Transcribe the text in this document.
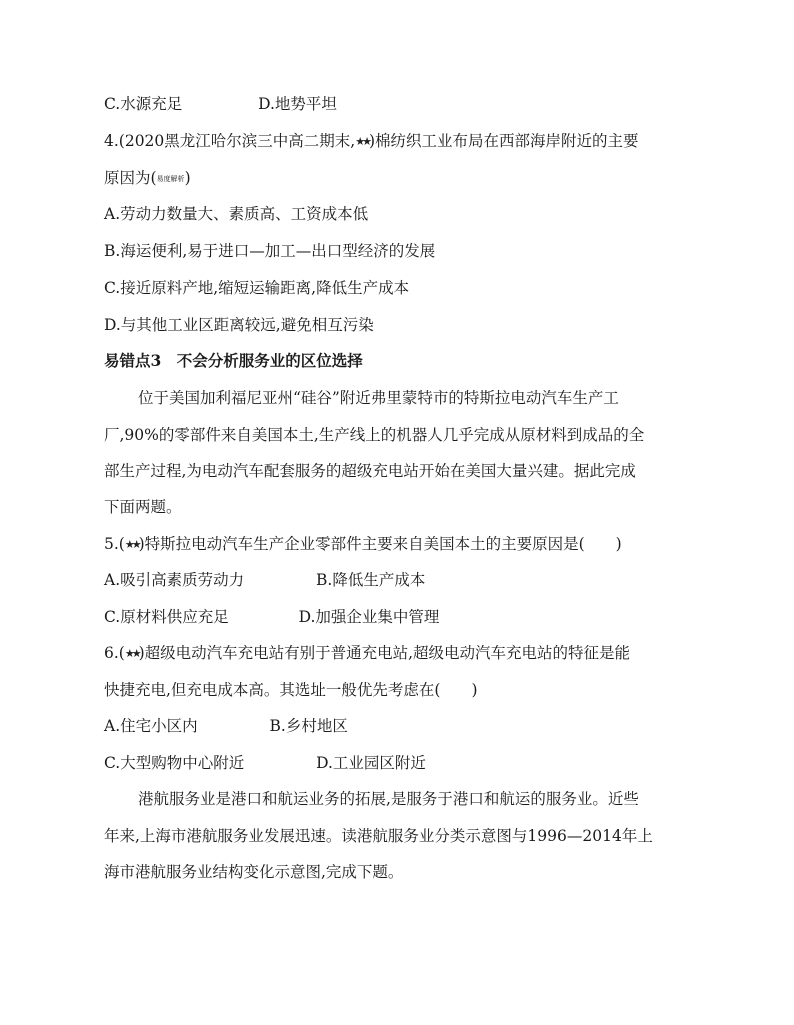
C.水源充足	D.地势平坦
4.(2020黑龙江哈尔滨三中高二期末,★★)棉纺织工业布局在西部海岸附近的主要
原因为(易度解析)
A.劳动力数量大、素质高、工资成本低
B.海运便利,易于进口—加工—出口型经济的发展
C.接近原料产地,缩短运输距离,降低生产成本
D.与其他工业区距离较远,避免相互污染
易错点3　不会分析服务业的区位选择
位于美国加利福尼亚州“硅谷”附近弗里蒙特市的特斯拉电动汽车生产工
厂,90%的零部件来自美国本土,生产线上的机器人几乎完成从原材料到成品的全
部生产过程,为电动汽车配套服务的超级充电站开始在美国大量兴建。据此完成
下面两题。
5.(★★)特斯拉电动汽车生产企业零部件主要来自美国本土的主要原因是(　　)
A.吸引高素质劳动力	B.降低生产成本
C.原材料供应充足	D.加强企业集中管理
6.(★★)超级电动汽车充电站有别于普通充电站,超级电动汽车充电站的特征是能
快捷充电,但充电成本高。其选址一般优先考虑在(　　)
A.住宅小区内	B.乡村地区
C.大型购物中心附近	D.工业园区附近
港航服务业是港口和航运业务的拓展,是服务于港口和航运的服务业。近些
年来,上海市港航服务业发展迅速。读港航服务业分类示意图与1996—2014年上
海市港航服务业结构变化示意图,完成下题。
